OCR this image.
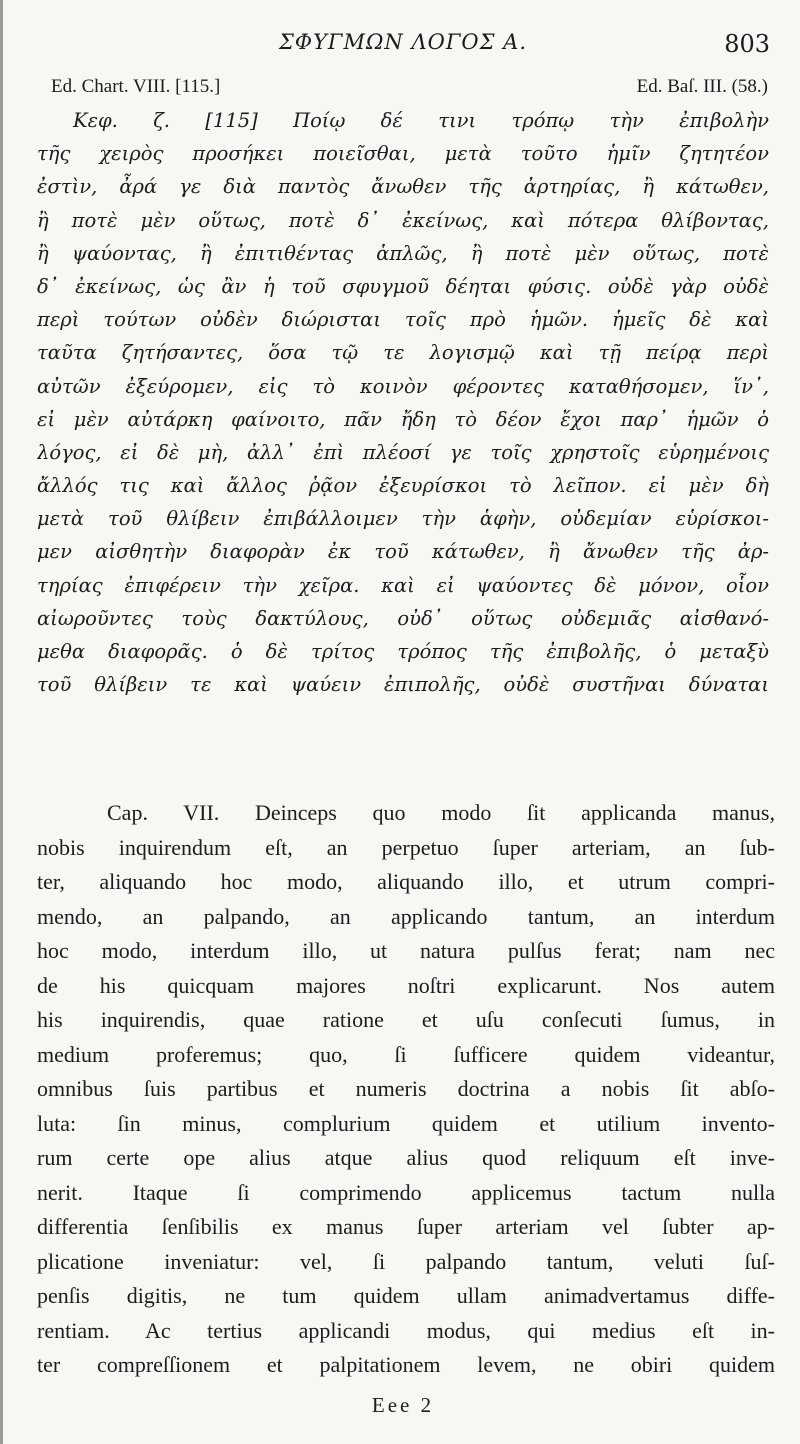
ΣΦΥΓΜΩΝ ΛΟΓΟΣ Α.	803
Ed. Chart. VIII. [115.]	Ed. Baſ. III. (58.)
Κεφ. ζ. [115] Ποίῳ δέ τινι τρόπῳ τὴν ἐπιβολὴν
τῆς χειρὸς προσήκει ποιεῖσθαι, μετὰ τοῦτο ἡμῖν ζητητέον
ἐστὶν, ἆρά γε διὰ παντὸς ἄνωθεν τῆς ἀρτηρίας, ἢ κάτωθεν,
ἢ ποτὲ μὲν οὕτως, ποτὲ δ᾽ ἐκείνως, καὶ πότερα θλίβοντας,
ἢ ψαύοντας, ἢ ἐπιτιθέντας ἁπλῶς, ἢ ποτὲ μὲν οὕτως, ποτὲ
δ᾽ ἐκείνως, ὡς ἂν ἡ τοῦ σφυγμοῦ δέηται φύσις. οὐδὲ γὰρ οὐδὲ
περὶ τούτων οὐδὲν διώρισται τοῖς πρὸ ἡμῶν. ἡμεῖς δὲ καὶ
ταῦτα ζητήσαντες, ὅσα τῷ τε λογισμῷ καὶ τῇ πείρᾳ περὶ
αὐτῶν ἐξεύρομεν, εἰς τὸ κοινὸν φέροντες καταθήσομεν, ἵν᾽,
εἰ μὲν αὐτάρκη φαίνοιτο, πᾶν ἤδη τὸ δέον ἔχοι παρ᾽ ἡμῶν ὁ
λόγος, εἰ δὲ μὴ, ἀλλ᾽ ἐπὶ πλέοσί γε τοῖς χρηστοῖς εὑρημένοις
ἄλλός τις καὶ ἄλλος ῥᾷον ἐξευρίσκοι τὸ λεῖπον. εἰ μὲν δὴ
μετὰ τοῦ θλίβειν ἐπιβάλλοιμεν τὴν ἁφὴν, οὐδεμίαν εὑρίσκοι-
μεν αἰσθητὴν διαφορὰν ἐκ τοῦ κάτωθεν, ἢ ἄνωθεν τῆς ἀρ-
τηρίας ἐπιφέρειν τὴν χεῖρα. καὶ εἰ ψαύοντες δὲ μόνον, οἷον
αἰωροῦντες τοὺς δακτύλους, οὐδ᾽ οὕτως οὐδεμιᾶς αἰσθανό-
μεθα διαφορᾶς. ὁ δὲ τρίτος τρόπος τῆς ἐπιβολῆς, ὁ μεταξὺ
τοῦ θλίβειν τε καὶ ψαύειν ἐπιπολῆς, οὐδὲ συστῆναι δύναται
Cap. VII. Deinceps quo modo ſit applicanda manus,
nobis inquirendum eſt, an perpetuo ſuper arteriam, an ſub-
ter, aliquando hoc modo, aliquando illo, et utrum compri-
mendo, an palpando, an applicando tantum, an interdum
hoc modo, interdum illo, ut natura pulſus ferat; nam nec
de his quicquam majores noſtri explicarunt. Nos autem
his inquirendis, quae ratione et uſu conſecuti ſumus, in
medium proferemus; quo, ſi ſufficere quidem videantur,
omnibus ſuis partibus et numeris doctrina a nobis ſit abſo-
luta: ſin minus, complurium quidem et utilium invento-
rum certe ope alius atque alius quod reliquum eſt inve-
nerit. Itaque ſi comprimendo applicemus tactum nulla
differentia ſenſibilis ex manus ſuper arteriam vel ſubter ap-
plicatione inveniatur: vel, ſi palpando tantum, veluti ſuſ-
penſis digitis, ne tum quidem ullam animadvertamus diffe-
rentiam. Ac tertius applicandi modus, qui medius eſt in-
ter compreſſionem et palpitationem levem, ne obiri quidem
Eee 2
